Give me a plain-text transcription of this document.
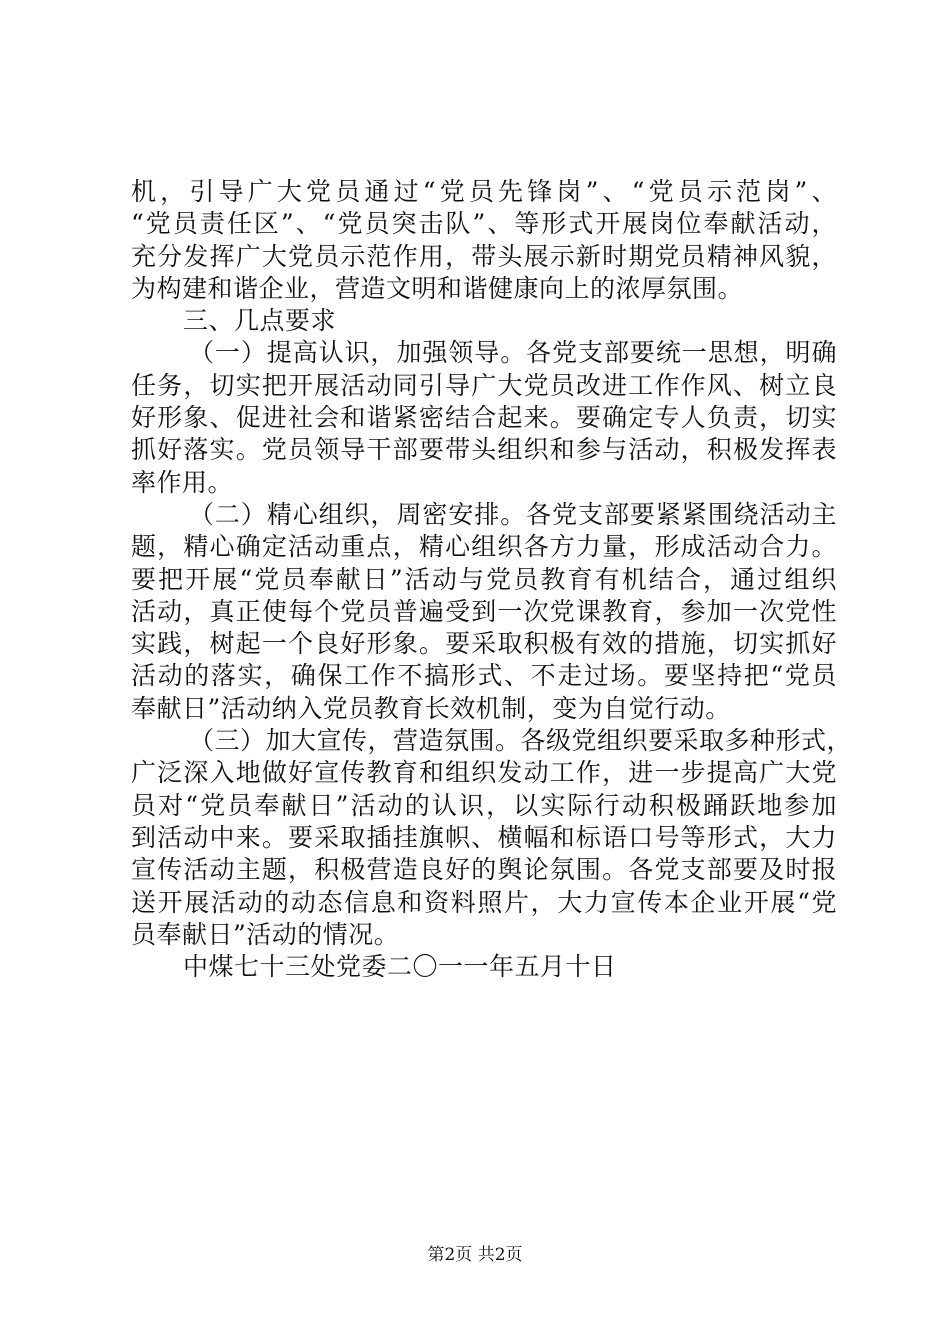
机，引导广大党员通过“党员先锋岗”、“党员示范岗”、
“党员责任区”、“党员突击队”、等形式开展岗位奉献活动，
充分发挥广大党员示范作用，带头展示新时期党员精神风貌，
为构建和谐企业，营造文明和谐健康向上的浓厚氛围。
三、几点要求
（一）提高认识，加强领导。各党支部要统一思想，明确
任务，切实把开展活动同引导广大党员改进工作作风、树立良
好形象、促进社会和谐紧密结合起来。要确定专人负责，切实
抓好落实。党员领导干部要带头组织和参与活动，积极发挥表
率作用。
（二）精心组织，周密安排。各党支部要紧紧围绕活动主
题，精心确定活动重点，精心组织各方力量，形成活动合力。
要把开展“党员奉献日”活动与党员教育有机结合，通过组织
活动，真正使每个党员普遍受到一次党课教育，参加一次党性
实践，树起一个良好形象。要采取积极有效的措施，切实抓好
活动的落实，确保工作不搞形式、不走过场。要坚持把“党员
奉献日”活动纳入党员教育长效机制，变为自觉行动。
（三）加大宣传，营造氛围。各级党组织要采取多种形式，
广泛深入地做好宣传教育和组织发动工作，进一步提高广大党
员对“党员奉献日”活动的认识，以实际行动积极踊跃地参加
到活动中来。要采取插挂旗帜、横幅和标语口号等形式，大力
宣传活动主题，积极营造良好的舆论氛围。各党支部要及时报
送开展活动的动态信息和资料照片，大力宣传本企业开展“党
员奉献日”活动的情况。
中煤七十三处党委二〇一一年五月十日
第2页 共2页
